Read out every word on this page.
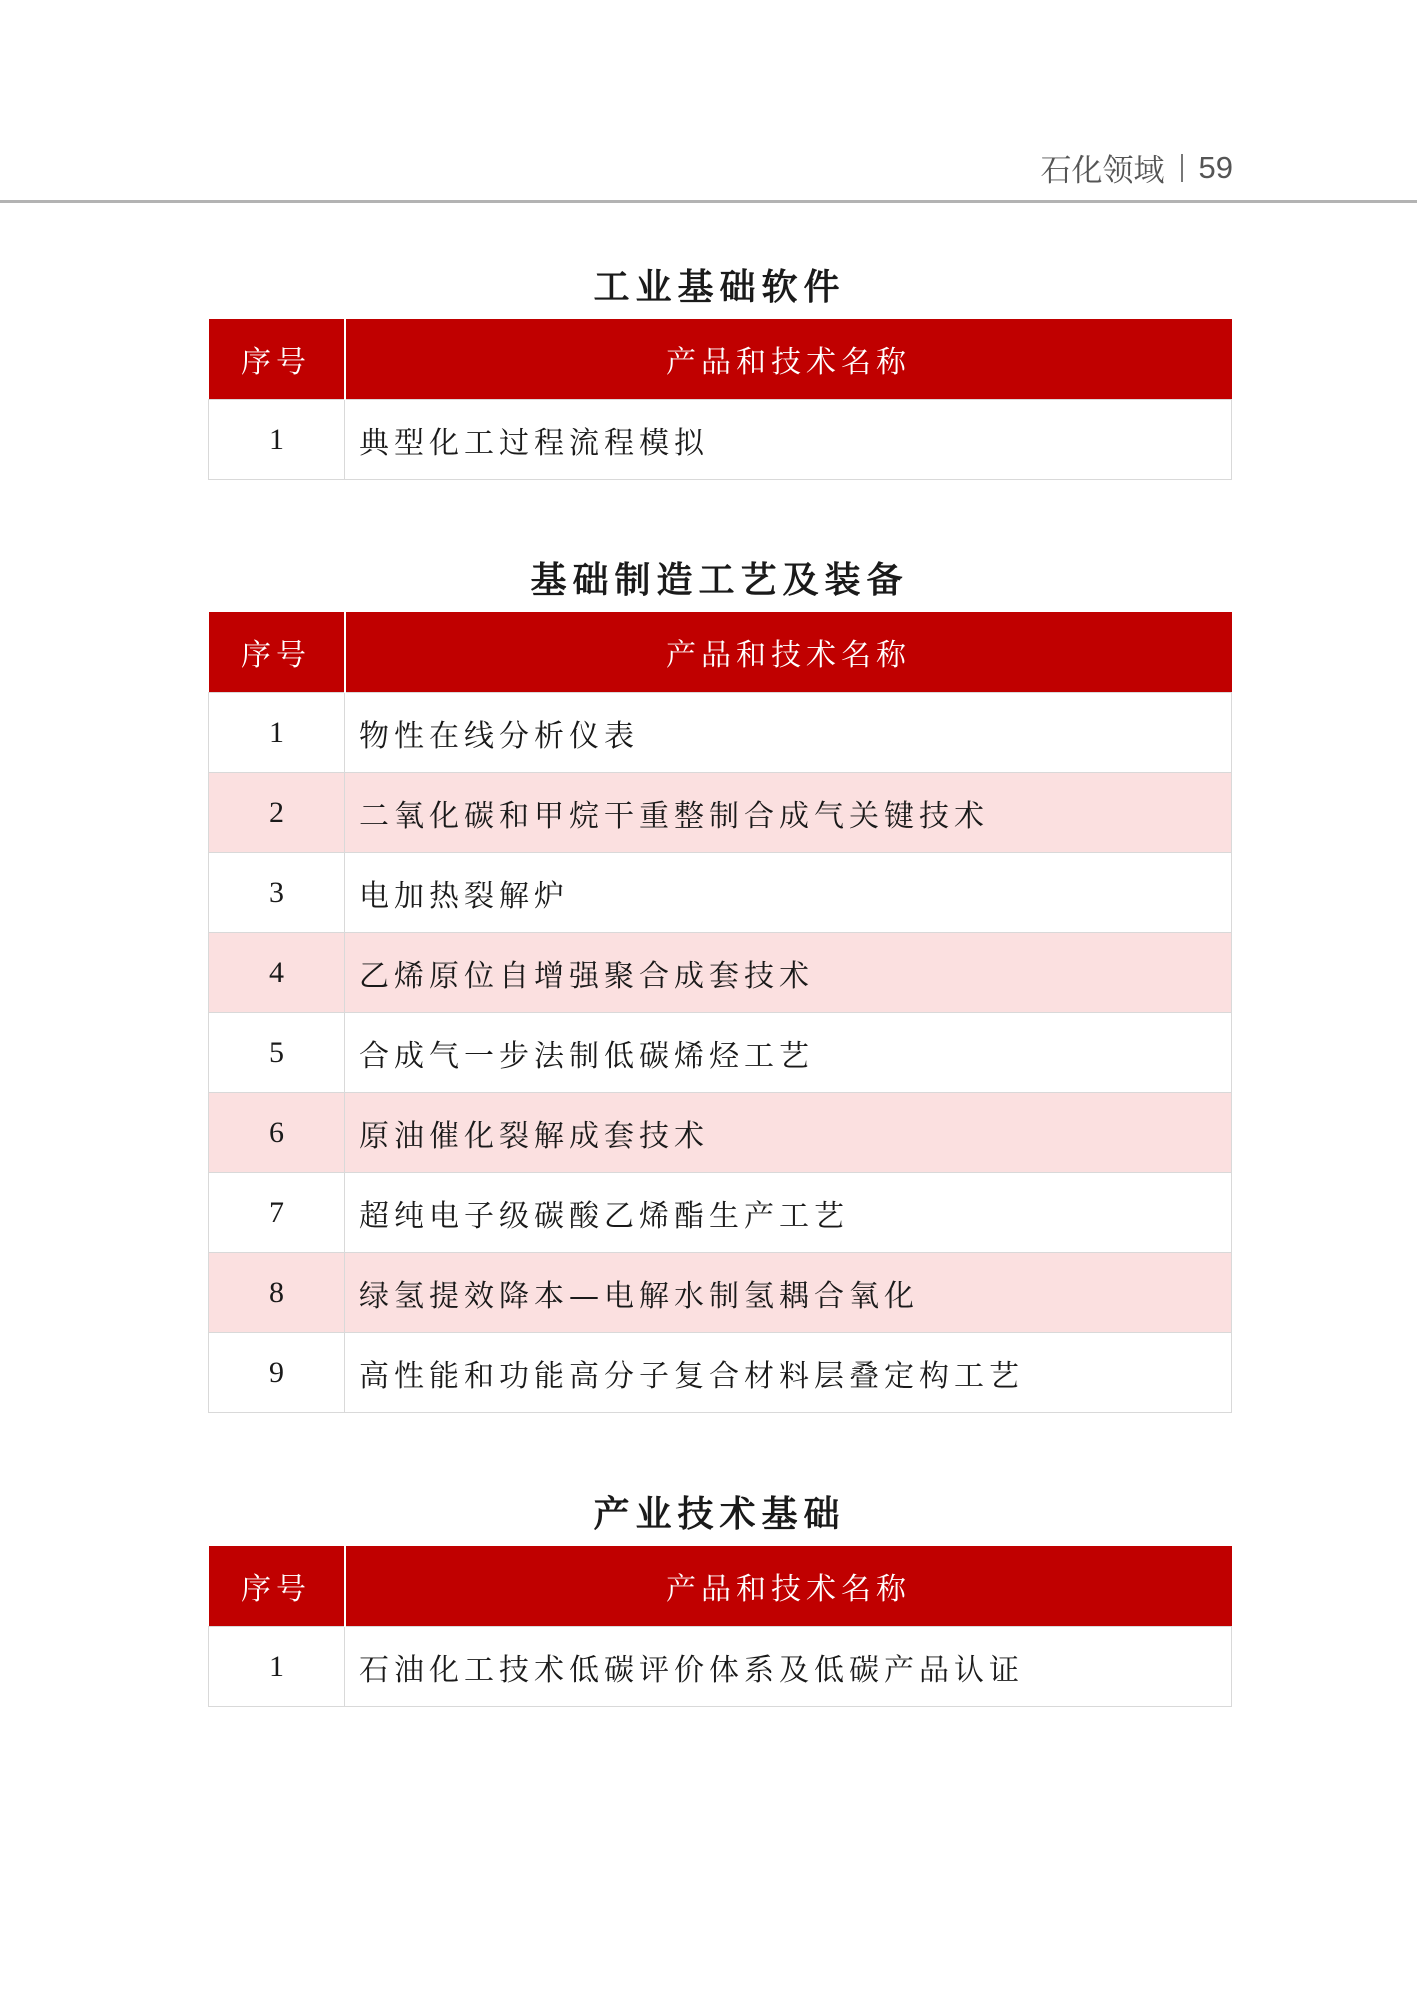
石化领域 59
工业基础软件
序号	产品和技术名称
1	典型化工过程流程模拟
基础制造工艺及装备
序号	产品和技术名称
1	物性在线分析仪表
2	二氧化碳和甲烷干重整制合成气关键技术
3	电加热裂解炉
4	乙烯原位自增强聚合成套技术
5	合成气一步法制低碳烯烃工艺
6	原油催化裂解成套技术
7	超纯电子级碳酸乙烯酯生产工艺
8	绿氢提效降本—电解水制氢耦合氧化
9	高性能和功能高分子复合材料层叠定构工艺
产业技术基础
序号	产品和技术名称
1	石油化工技术低碳评价体系及低碳产品认证
